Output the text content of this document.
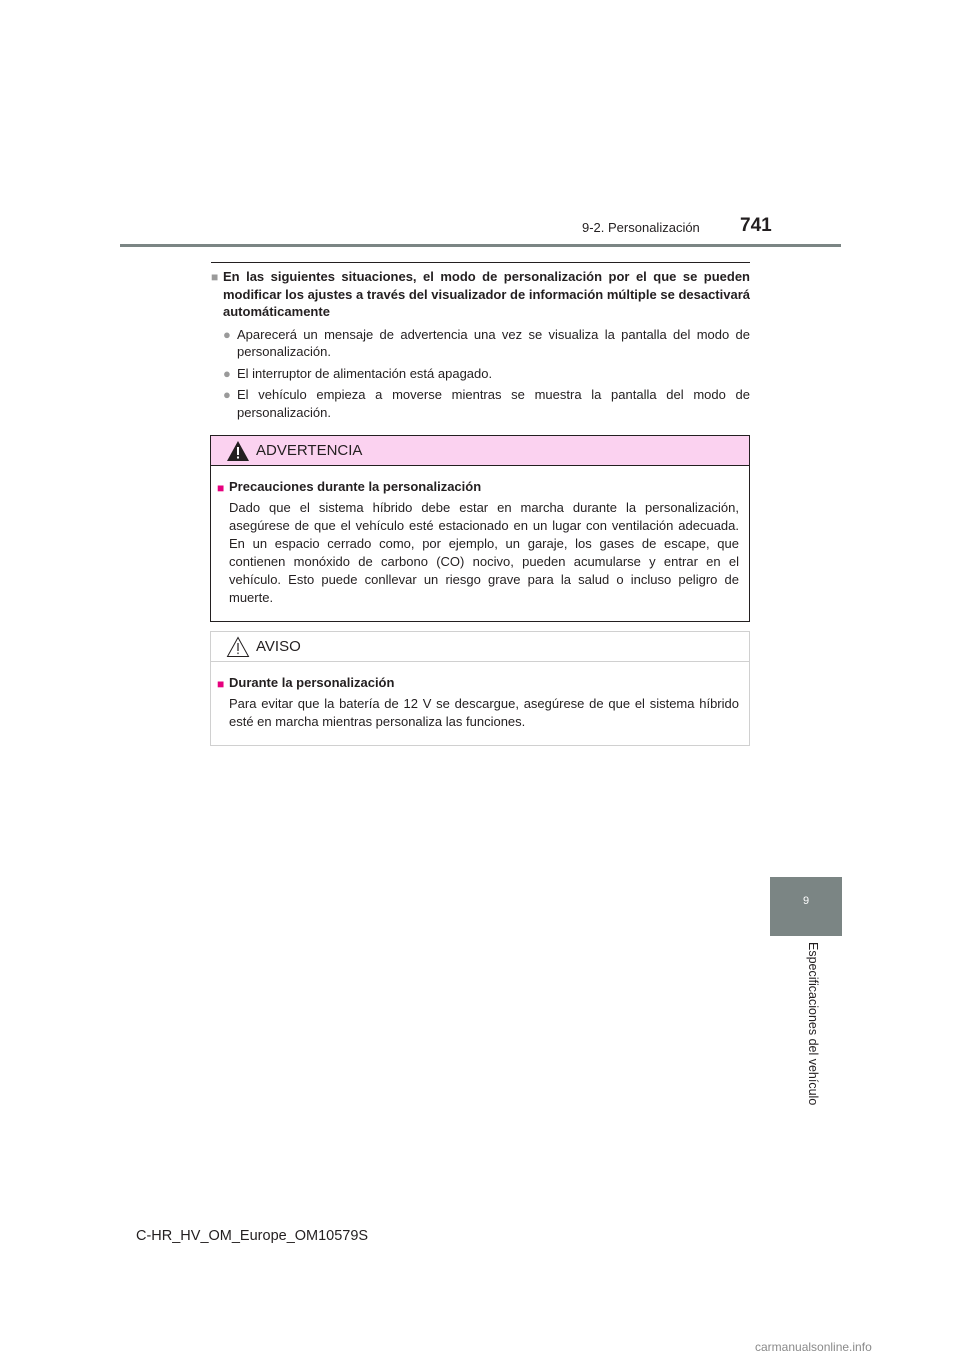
9-2. Personalización 741
■ En las siguientes situaciones, el modo de personalización por el que se pueden modificar los ajustes a través del visualizador de información múltiple se desactivará automáticamente
● Aparecerá un mensaje de advertencia una vez se visualiza la pantalla del modo de personalización.
● El interruptor de alimentación está apagado.
● El vehículo empieza a moverse mientras se muestra la pantalla del modo de personalización.
ADVERTENCIA
■ Precauciones durante la personalización
Dado que el sistema híbrido debe estar en marcha durante la personalización, asegúrese de que el vehículo esté estacionado en un lugar con ventilación adecuada. En un espacio cerrado como, por ejemplo, un garaje, los gases de escape, que contienen monóxido de carbono (CO) nocivo, pueden acumularse y entrar en el vehículo. Esto puede conllevar un riesgo grave para la salud o incluso peligro de muerte.
AVISO
■ Durante la personalización
Para evitar que la batería de 12 V se descargue, asegúrese de que el sistema híbrido esté en marcha mientras personaliza las funciones.
9
Especificaciones del vehículo
C-HR_HV_OM_Europe_OM10579S
carmanualsonline.info
